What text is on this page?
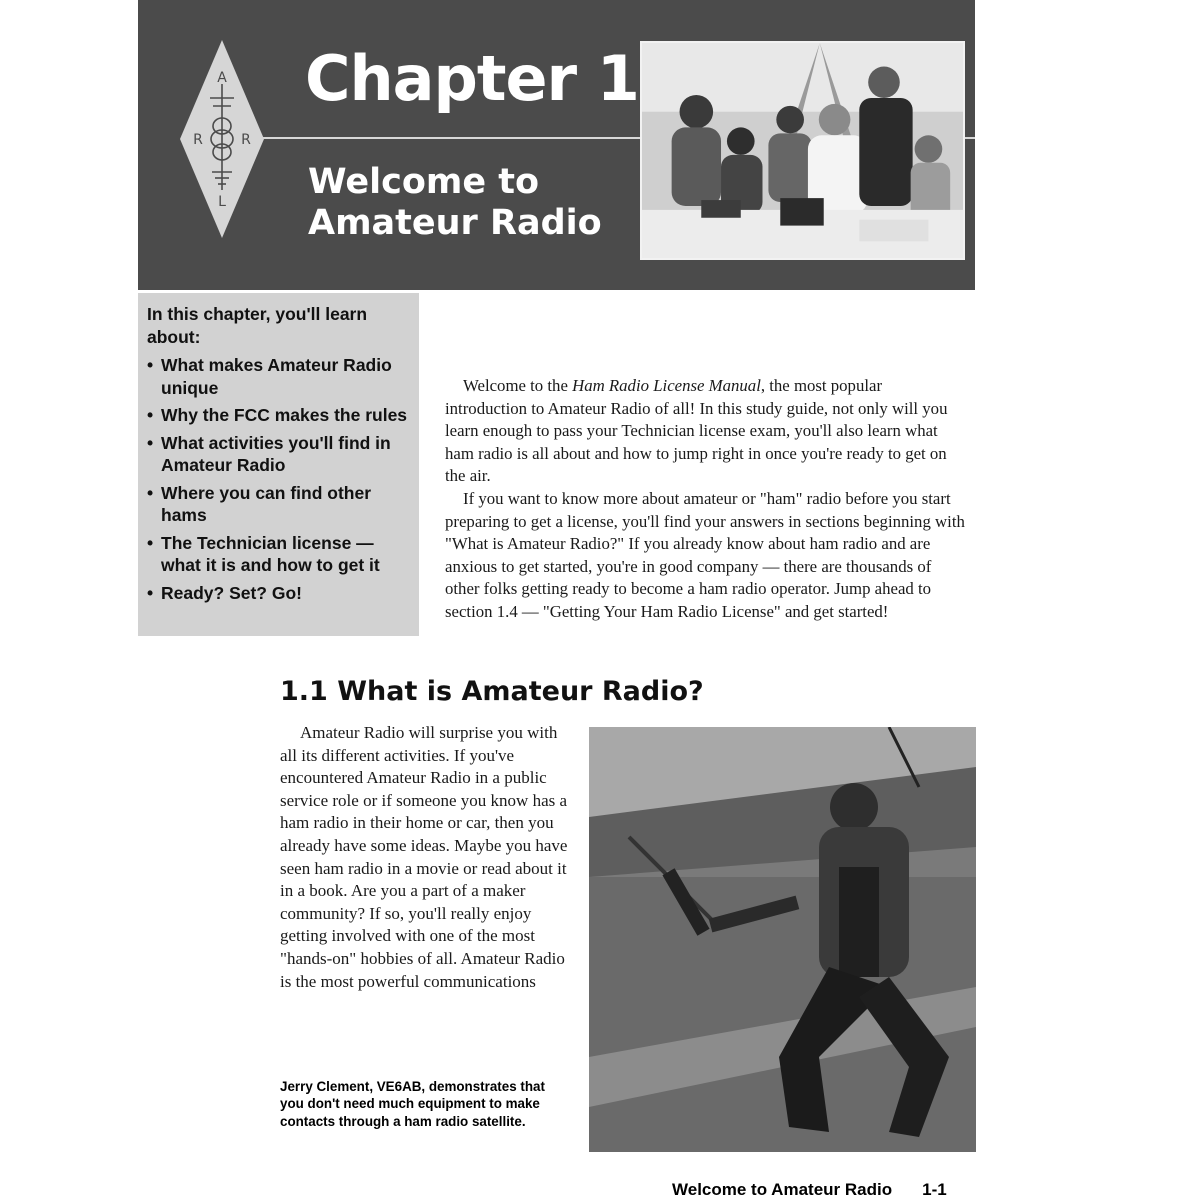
A
R	R
L
Chapter 1
Welcome to Amateur Radio

In this chapter, you'll learn about:

• What makes Amateur Radio unique
• Why the FCC makes the rules
• What activities you'll find in Amateur Radio
• Where you can find other hams
• The Technician license — what it is and how to get it
• Ready? Set? Go!

Welcome to the Ham Radio License Manual, the most popular introduction to Amateur Radio of all! In this study guide, not only will you learn enough to pass your Technician license exam, you'll also learn what ham radio is all about and how to jump right in once you're ready to get on the air.

If you want to know more about amateur or "ham" radio before you start preparing to get a license, you'll find your answers in sections beginning with "What is Amateur Radio?" If you already know about ham radio and are anxious to get started, you're in good company — there are thousands of other folks getting ready to become a ham radio operator. Jump ahead to section 1.4 — "Getting Your Ham Radio License" and get started!

1.1 What is Amateur Radio?

Amateur Radio will surprise you with all its different activities. If you've encountered Amateur Radio in a public service role or if someone you know has a ham radio in their home or car, then you already have some ideas. Maybe you have seen ham radio in a movie or read about it in a book. Are you a part of a maker community? If so, you'll really enjoy getting involved with one of the most "hands-on" hobbies of all. Amateur Radio is the most powerful communications

Jerry Clement, VE6AB, demonstrates that you don't need much equipment to make contacts through a ham radio satellite.

Welcome to Amateur Radio 1-1
